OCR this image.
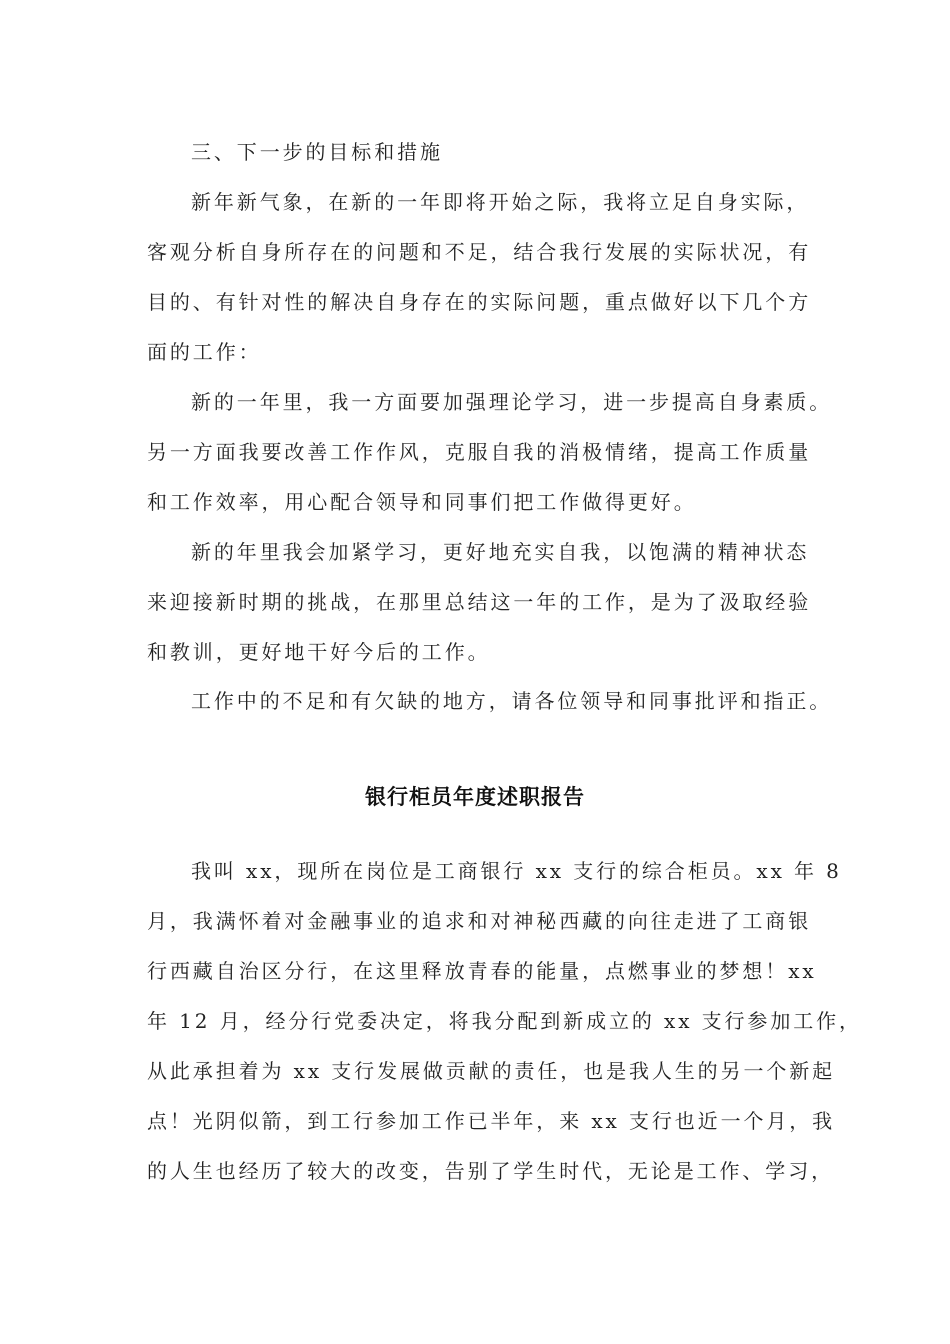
三、下一步的目标和措施
新年新气象，在新的一年即将开始之际，我将立足自身实际，
客观分析自身所存在的问题和不足，结合我行发展的实际状况，有
目的、有针对性的解决自身存在的实际问题，重点做好以下几个方
面的工作：
新的一年里，我一方面要加强理论学习，进一步提高自身素质。
另一方面我要改善工作作风，克服自我的消极情绪，提高工作质量
和工作效率，用心配合领导和同事们把工作做得更好。
新的年里我会加紧学习，更好地充实自我，以饱满的精神状态
来迎接新时期的挑战，在那里总结这一年的工作，是为了汲取经验
和教训，更好地干好今后的工作。
工作中的不足和有欠缺的地方，请各位领导和同事批评和指正。
银行柜员年度述职报告
我叫 xx，现所在岗位是工商银行 xx 支行的综合柜员。xx 年 8
月，我满怀着对金融事业的追求和对神秘西藏的向往走进了工商银
行西藏自治区分行，在这里释放青春的能量，点燃事业的梦想！xx
年 12 月，经分行党委决定，将我分配到新成立的 xx 支行参加工作，
从此承担着为 xx 支行发展做贡献的责任，也是我人生的另一个新起
点！光阴似箭，到工行参加工作已半年，来 xx 支行也近一个月，我
的人生也经历了较大的改变，告别了学生时代，无论是工作、学习，
